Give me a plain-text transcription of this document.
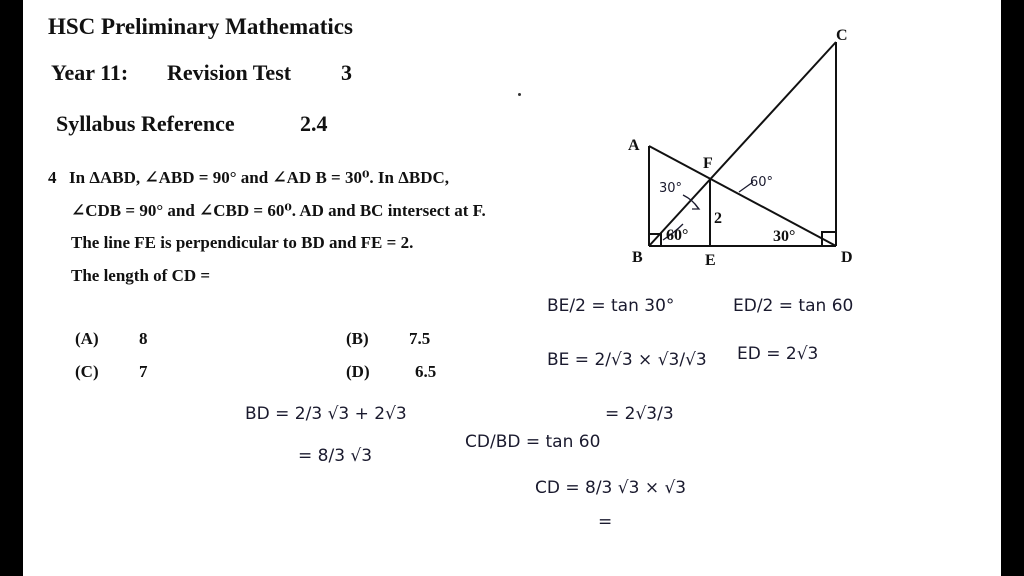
HSC Preliminary Mathematics
Year 11: Revision Test 3
Syllabus Reference	2.4
4 In ΔABD, ∠ABD = 90° and ∠AD B = 30⁰. In ΔBDC,
∠CDB = 90° and ∠CBD = 60⁰. AD and BC intersect at F.
The line FE is perpendicular to BD and FE = 2.
The length of CD =
(A) 8	(B) 7.5
(C) 7	(D)	6.5
A
B
C
D
E
F
2
60°	30°
30°	60°
BE/2 = tan 30°	ED/2 = tan 60
BE = 2/√3 × √3/√3 ED = 2√3
= 2√3/3
BD = 2/3 √3 + 2√3
= 8/3 √3
CD/BD = tan 60
CD = 8/3 √3 × √3
=
